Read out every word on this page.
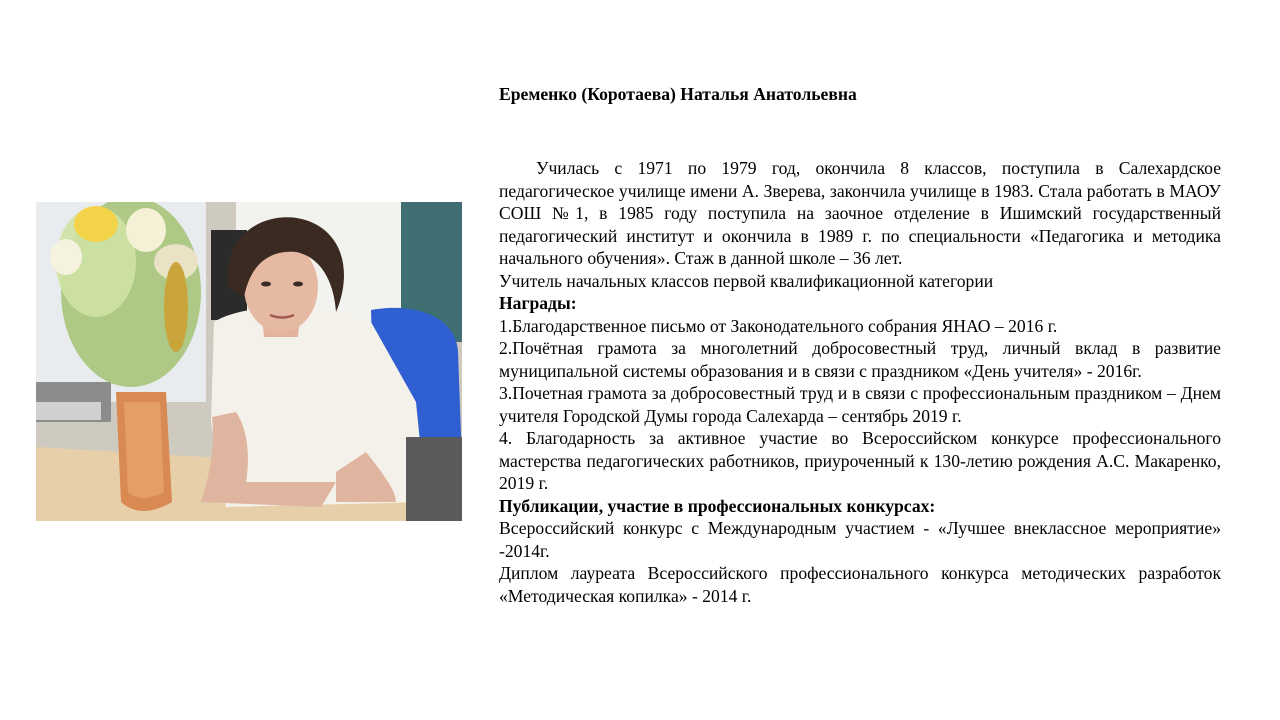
Еременко (Коротаева) Наталья Анатольевна

Училась с 1971 по 1979 год, окончила 8 классов, поступила в Салехардское педагогическое училище имени А. Зверева, закончила училище в 1983. Стала работать в МАОУ СОШ №1, в 1985 году поступила на заочное отделение в Ишимский государственный педагогический институт и окончила в 1989 г. по специальности «Педагогика и методика начального обучения». Стаж в данной школе – 36 лет.

Учитель начальных классов первой квалификационной категории

Награды:

1.Благодарственное письмо от Законодательного собрания ЯНАО – 2016 г.

2.Почётная грамота за многолетний добросовестный труд, личный вклад в развитие муниципальной системы образования и в связи с праздником «День учителя» - 2016г.

3.Почетная грамота за добросовестный труд и в связи с профессиональным праздником – Днем учителя Городской Думы города Салехарда – сентябрь 2019 г.

4. Благодарность за активное участие во Всероссийском конкурсе профессионального мастерства педагогических работников, приуроченный к 130-летию рождения А.С. Макаренко, 2019 г.

Публикации, участие в профессиональных конкурсах:

Всероссийский конкурс с Международным участием - «Лучшее внеклассное мероприятие» -2014г.

Диплом лауреата Всероссийского профессионального конкурса методических разработок «Методическая копилка» - 2014 г.
